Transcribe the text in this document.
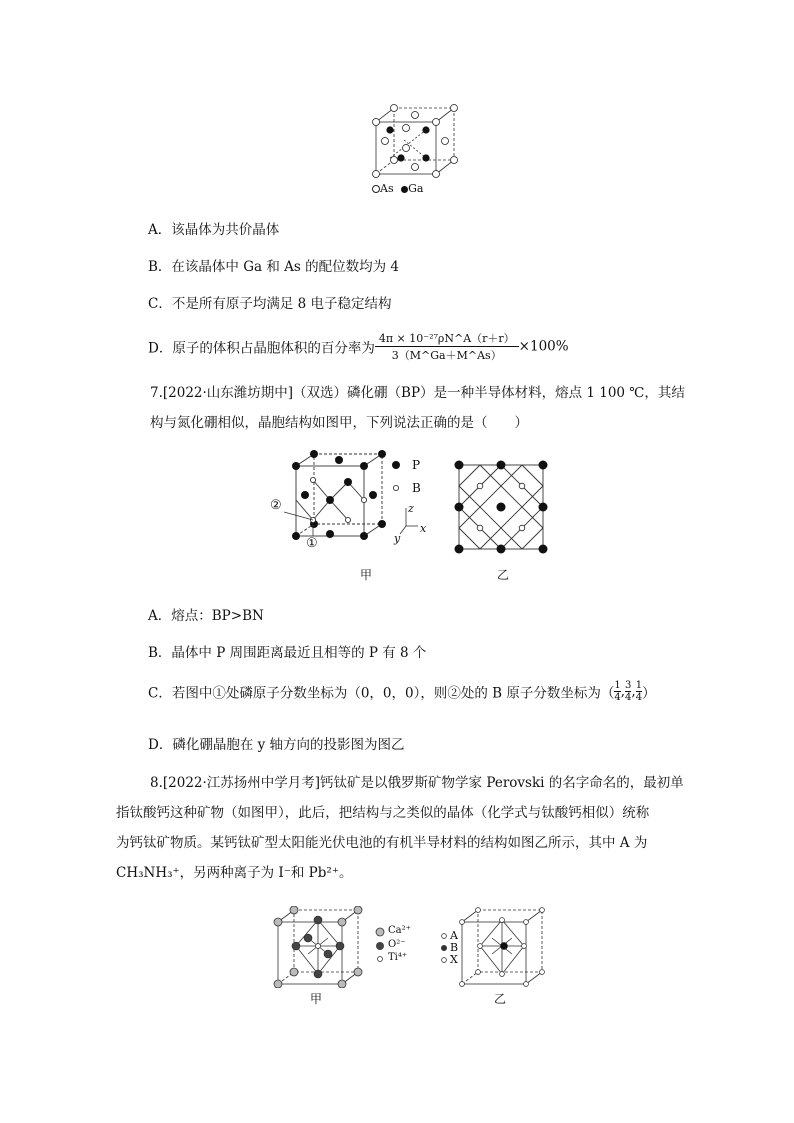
As Ga
A．该晶体为共价晶体
B．在该晶体中 Ga 和 As 的配位数均为 4
C．不是所有原子均满足 8 电子稳定结构
D．原子的体积占晶胞体积的百分率为 $\frac{\text{4π × 10⁻²⁷ρN\textasciicircum{}A（r＋r）}}{3(M\^{}Ga+M\^{}As)} \times 100\%$
7.[2022·山东潍坊期中]（双选）磷化硼（BP）是一种半导体材料，熔点 1 100 ℃，其结
构与氮化硼相似，晶胞结构如图甲，下列说法正确的是（　　）
P
B
②
①
z
x
y
甲	乙
A．熔点：BP>BN
B．晶体中 P 周围距离最近且相等的 P 有 8 个
C．若图中①处磷原子分数坐标为（0，0，0），则②处的 B 原子分数坐标为（ $\frac{1}{4}$ , $\frac{3}{4}$ , $\frac{1}{4}$ ）
D．磷化硼晶胞在 y 轴方向的投影图为图乙
8.[2022·江苏扬州中学月考]钙钛矿是以俄罗斯矿物学家 Perovski 的名字命名的，最初单
指钛酸钙这种矿物（如图甲），此后，把结构与之类似的晶体（化学式与钛酸钙相似）统称
为钙钛矿物质。某钙钛矿型太阳能光伏电池的有机半导材料的结构如图乙所示，其中 A 为
CH₃NH₃⁺，另两种离子为 I⁻和 Pb²⁺。
Ca²⁺
O²⁻
Ti⁴⁺
甲
A
B
X
乙
